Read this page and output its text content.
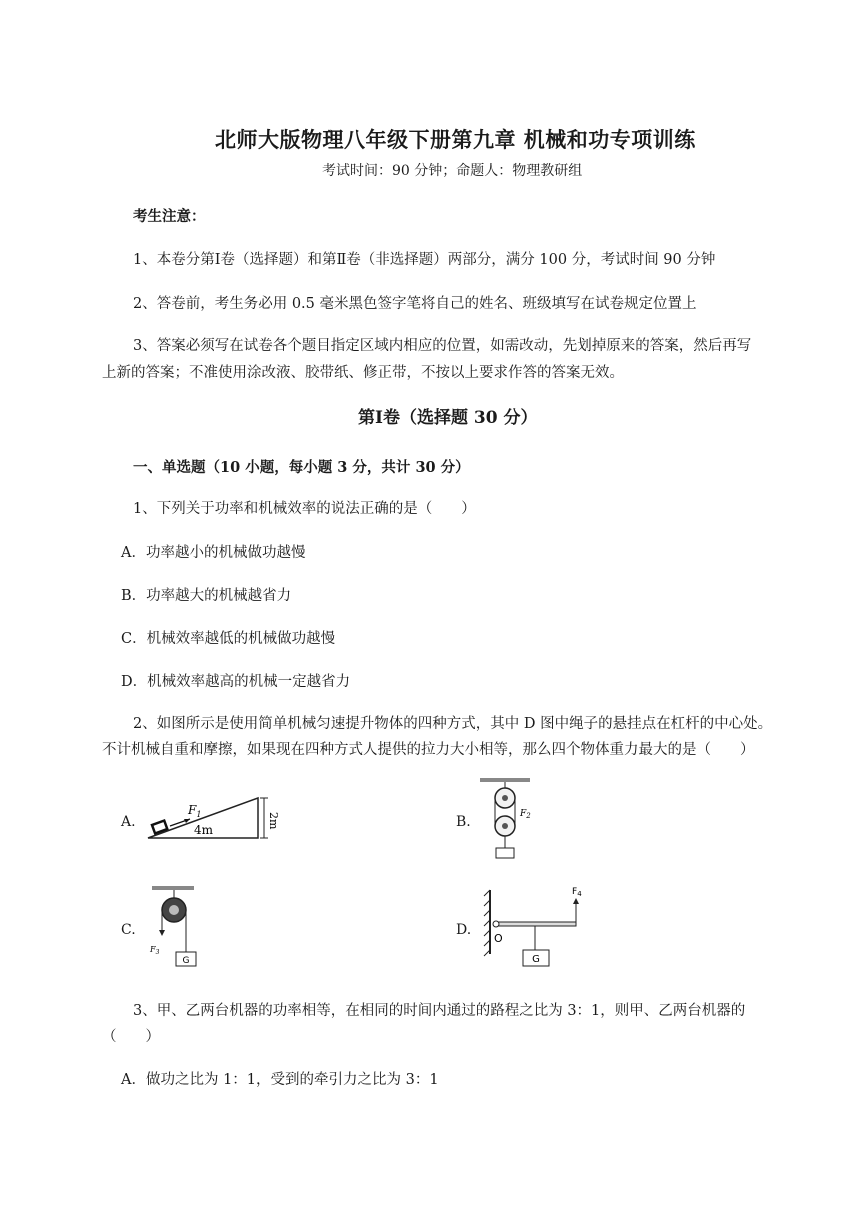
北师大版物理八年级下册第九章 机械和功专项训练
考试时间：90 分钟；命题人：物理教研组
考生注意：
1、本卷分第Ⅰ卷（选择题）和第Ⅱ卷（非选择题）两部分，满分 100 分，考试时间 90 分钟
2、答卷前，考生务必用 0.5 毫米黑色签字笔将自己的姓名、班级填写在试卷规定位置上
3、答案必须写在试卷各个题目指定区域内相应的位置，如需改动，先划掉原来的答案，然后再写
上新的答案；不准使用涂改液、胶带纸、修正带，不按以上要求作答的答案无效。
第Ⅰ卷（选择题 30 分）
一、单选题（10 小题，每小题 3 分，共计 30 分）
1、下列关于功率和机械效率的说法正确的是（　　）
A．功率越小的机械做功越慢
B．功率越大的机械越省力
C．机械效率越低的机械做功越慢
D．机械效率越高的机械一定越省力
2、如图所示是使用简单机械匀速提升物体的四种方式，其中 D 图中绳子的悬挂点在杠杆的中心处。
不计机械自重和摩擦，如果现在四种方式人提供的拉力大小相等，那么四个物体重力最大的是（　　）
A.	B.
C.	D.
$F_1$
4m
2m	$F_2$
G
$F_3$
G
O
$F_4$
3、甲、乙两台机器的功率相等，在相同的时间内通过的路程之比为 3：1，则甲、乙两台机器的
（　　）
A．做功之比为 1：1，受到的牵引力之比为 3：1
